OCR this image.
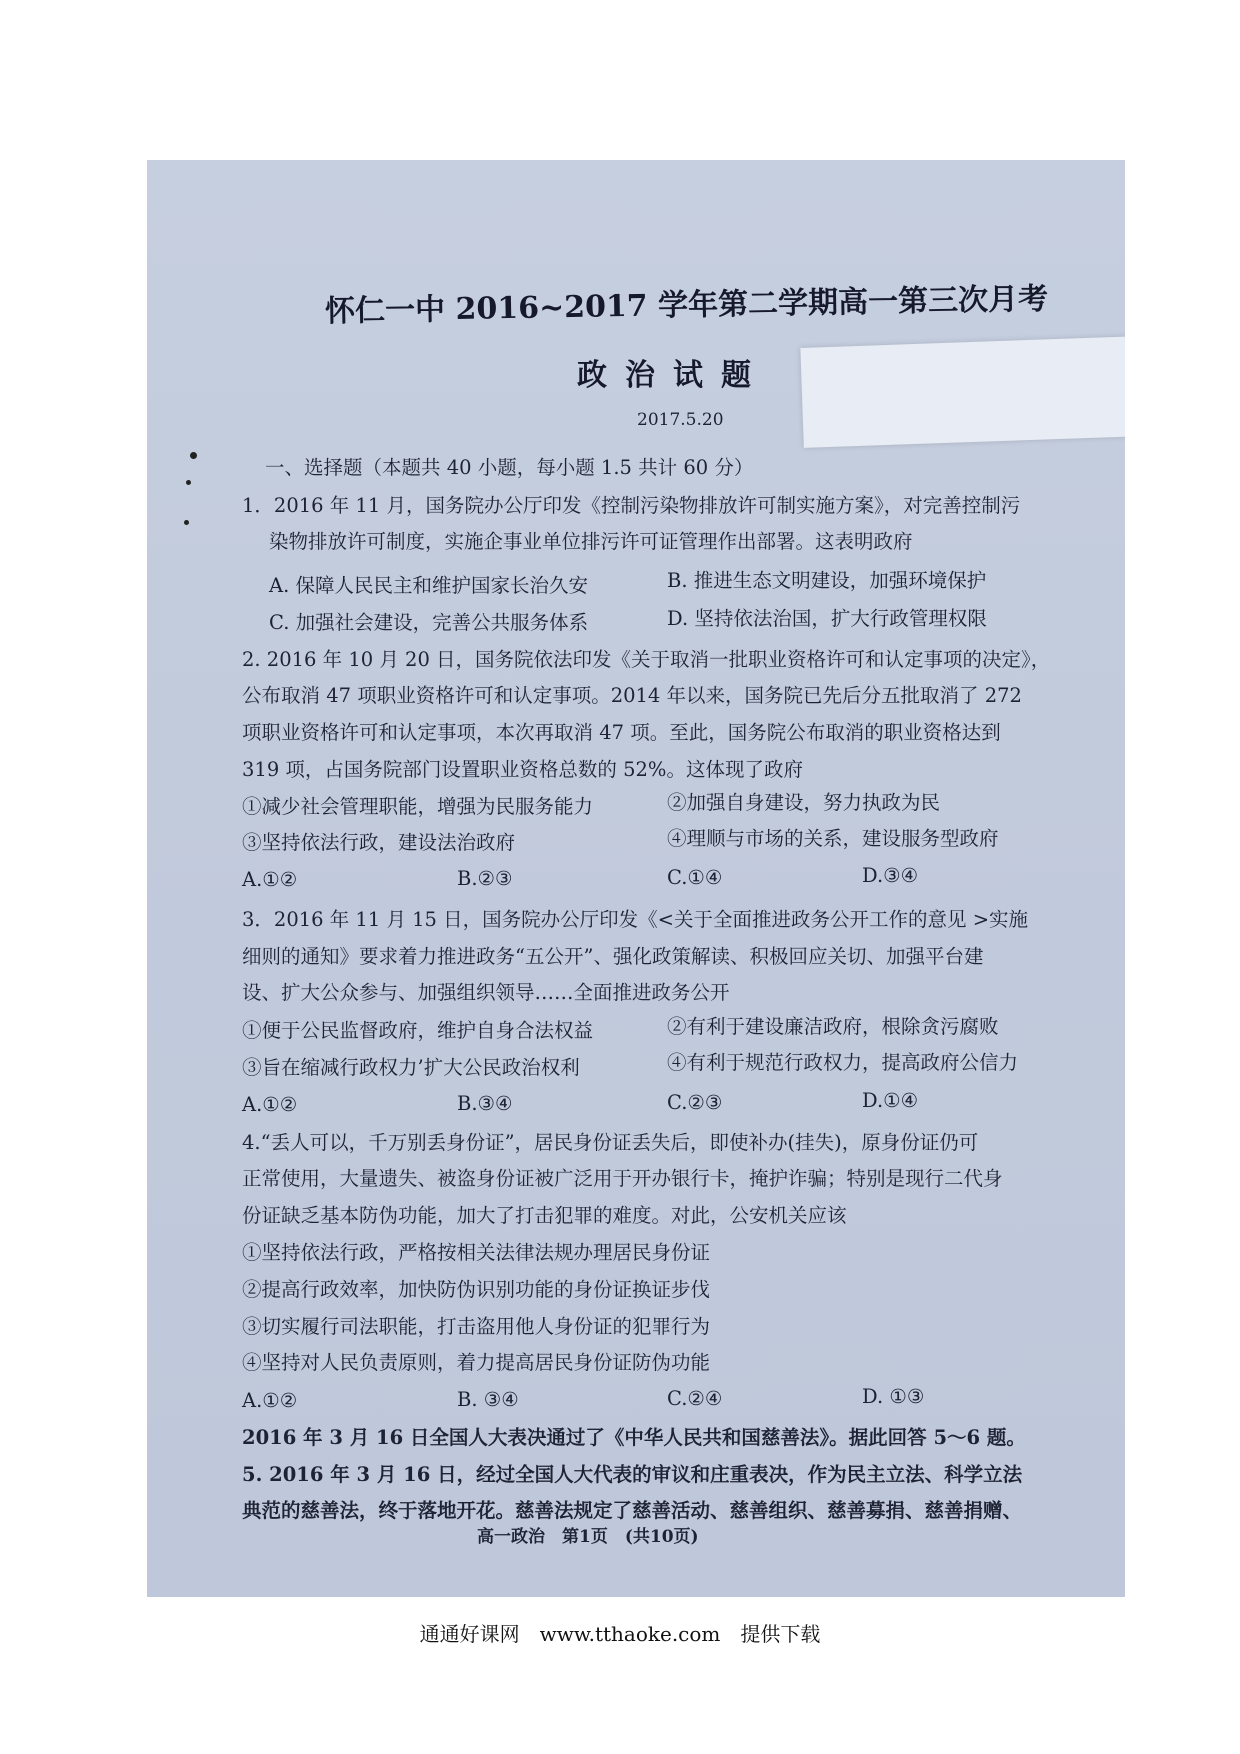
怀仁一中 2016~2017 学年第二学期高一第三次月考
政治试题
2017.5.20
一、选择题（本题共 40 小题，每小题 1.5 共计 60 分）
1．2016 年 11 月，国务院办公厅印发《控制污染物排放许可制实施方案》，对完善控制污
染物排放许可制度，实施企事业单位排污许可证管理作出部署。这表明政府
A. 保障人民民主和维护国家长治久安	B. 推进生态文明建设，加强环境保护
C. 加强社会建设，完善公共服务体系	D. 坚持依法治国，扩大行政管理权限
2. 2016 年 10 月 20 日，国务院依法印发《关于取消一批职业资格许可和认定事项的决定》，
公布取消 47 项职业资格许可和认定事项。2014 年以来，国务院已先后分五批取消了 272
项职业资格许可和认定事项，本次再取消 47 项。至此，国务院公布取消的职业资格达到
319 项，占国务院部门设置职业资格总数的 52%。这体现了政府
①减少社会管理职能，增强为民服务能力	②加强自身建设，努力执政为民
③坚持依法行政，建设法治政府	④理顺与市场的关系，建设服务型政府
A.①②	B.②③	C.①④	D.③④
3．2016 年 11 月 15 日，国务院办公厅印发《<关于全面推进政务公开工作的意见 >实施
细则的通知》要求着力推进政务“五公开”、强化政策解读、积极回应关切、加强平台建
设、扩大公众参与、加强组织领导……全面推进政务公开
①便于公民监督政府，维护自身合法权益	②有利于建设廉洁政府，根除贪污腐败
③旨在缩减行政权力’扩大公民政治权利	④有利于规范行政权力，提高政府公信力
A.①②	B.③④	C.②③	D.①④
4.“丢人可以，千万别丢身份证”，居民身份证丢失后，即使补办(挂失)，原身份证仍可
正常使用，大量遗失、被盗身份证被广泛用于开办银行卡，掩护诈骗；特别是现行二代身
份证缺乏基本防伪功能，加大了打击犯罪的难度。对此，公安机关应该
①坚持依法行政，严格按相关法律法规办理居民身份证
②提高行政效率，加快防伪识别功能的身份证换证步伐
③切实履行司法职能，打击盗用他人身份证的犯罪行为
④坚持对人民负责原则，着力提高居民身份证防伪功能
A.①②	B. ③④	C.②④	D. ①③
2016 年 3 月 16 日全国人大表决通过了《中华人民共和国慈善法》。据此回答 5～6 题。
5. 2016 年 3 月 16 日，经过全国人大代表的审议和庄重表决，作为民主立法、科学立法
典范的慈善法，终于落地开花。慈善法规定了慈善活动、慈善组织、慈善募捐、慈善捐赠、
高一政治　第1页　(共10页)
通通好课网　www.tthaoke.com　提供下载
